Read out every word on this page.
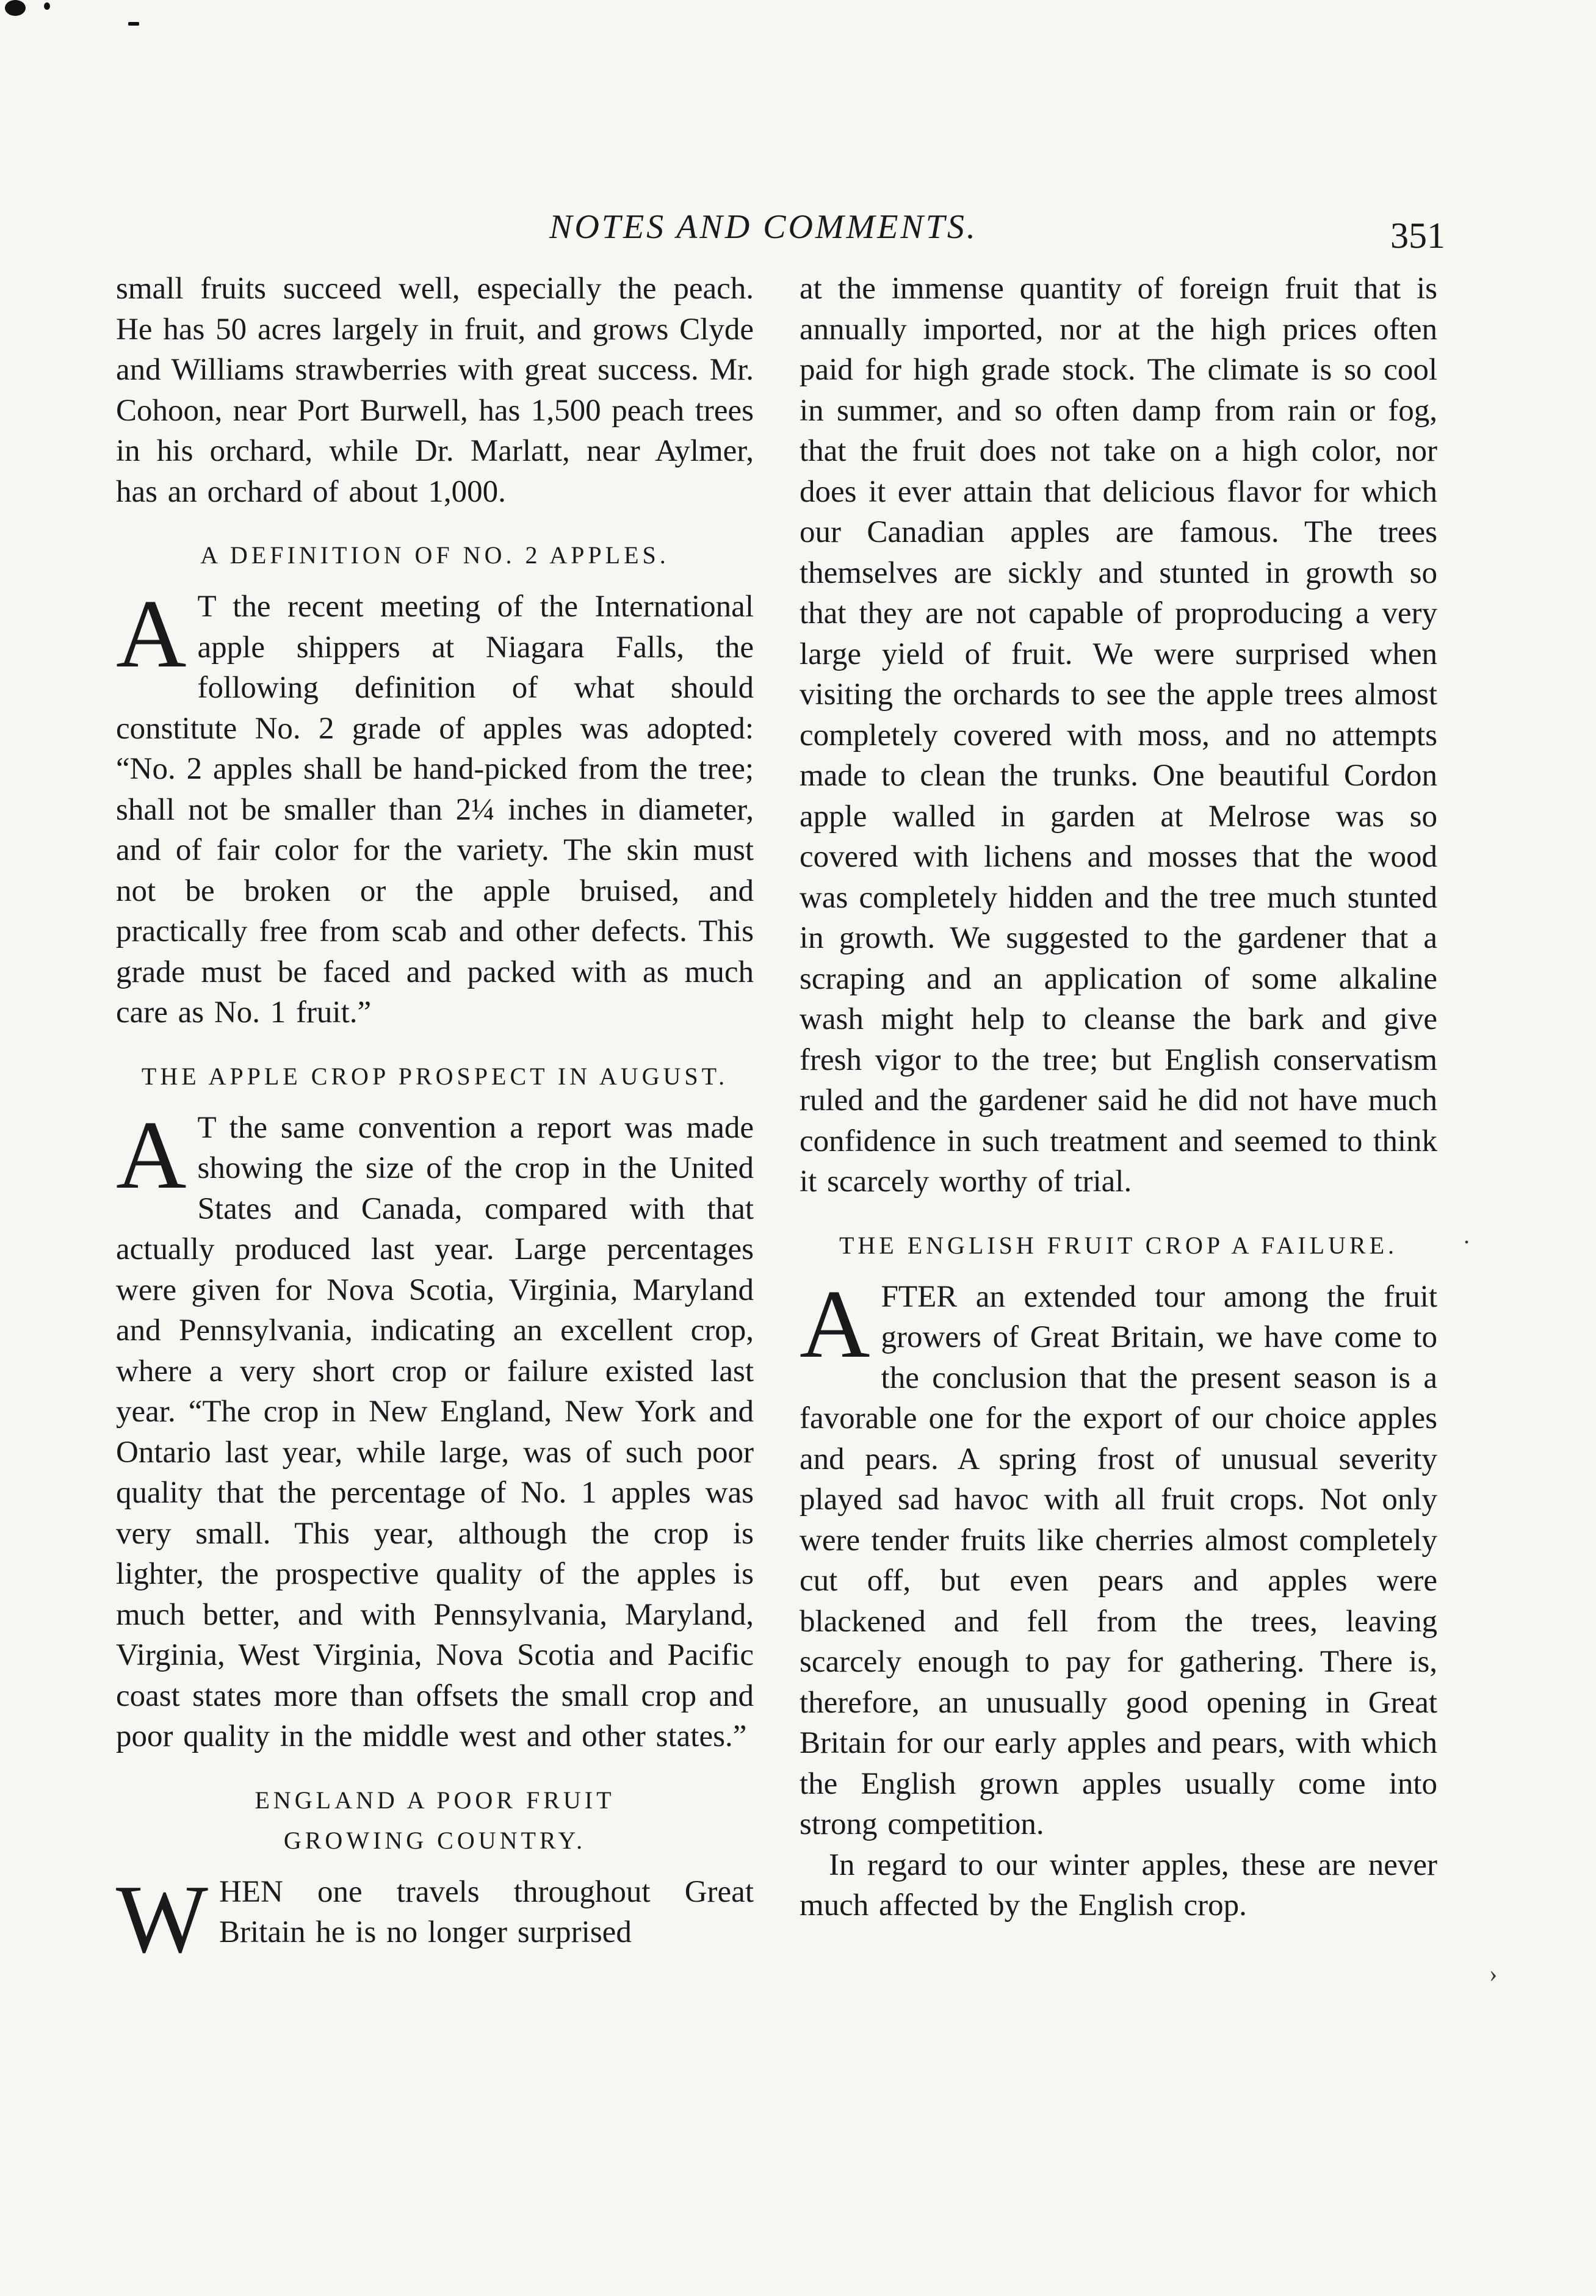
NOTES AND COMMENTS.	351

small fruits succeed well, especially the peach. He has 50 acres largely in fruit, and grows Clyde and Williams strawberries with great success. Mr. Cohoon, near Port Burwell, has 1,500 peach trees in his orchard, while Dr. Marlatt, near Aylmer, has an orchard of about 1,000.

A DEFINITION OF NO. 2 APPLES.

A T the recent meeting of the International apple shippers at Niagara Falls, the following definition of what should constitute No. 2 grade of apples was adopted: “No. 2 apples shall be hand-picked from the tree; shall not be smaller than 2¼ inches in diameter, and of fair color for the variety. The skin must not be broken or the apple bruised, and practically free from scab and other defects. This grade must be faced and packed with as much care as No. 1 fruit.”

THE APPLE CROP PROSPECT IN AUGUST.

A T the same convention a report was made showing the size of the crop in the United States and Canada, compared with that actually produced last year. Large percentages were given for Nova Scotia, Virginia, Maryland and Pennsylvania, indicating an excellent crop, where a very short crop or failure existed last year. “The crop in New England, New York and Ontario last year, while large, was of such poor quality that the percentage of No. 1 apples was very small. This year, although the crop is lighter, the prospective quality of the apples is much better, and with Pennsylvania, Maryland, Virginia, West Virginia, Nova Scotia and Pacific coast states more than offsets the small crop and poor quality in the middle west and other states.”

ENGLAND A POOR FRUIT GROWING COUNTRY.

W HEN one travels throughout Great Britain he is no longer surprised

at the immense quantity of foreign fruit that is annually imported, nor at the high prices often paid for high grade stock. The climate is so cool in summer, and so often damp from rain or fog, that the fruit does not take on a high color, nor does it ever attain that delicious flavor for which our Canadian apples are famous. The trees themselves are sickly and stunted in growth so that they are not capable of proproducing a very large yield of fruit. We were surprised when visiting the orchards to see the apple trees almost completely covered with moss, and no attempts made to clean the trunks. One beautiful Cordon apple walled in garden at Melrose was so covered with lichens and mosses that the wood was completely hidden and the tree much stunted in growth. We suggested to the gardener that a scraping and an application of some alkaline wash might help to cleanse the bark and give fresh vigor to the tree; but English conservatism ruled and the gardener said he did not have much confidence in such treatment and seemed to think it scarcely worthy of trial.

THE ENGLISH FRUIT CROP A FAILURE.

A FTER an extended tour among the fruit growers of Great Britain, we have come to the conclusion that the present season is a favorable one for the export of our choice apples and pears. A spring frost of unusual severity played sad havoc with all fruit crops. Not only were tender fruits like cherries almost completely cut off, but even pears and apples were blackened and fell from the trees, leaving scarcely enough to pay for gathering. There is, therefore, an unusually good opening in Great Britain for our early apples and pears, with which the English grown apples usually come into strong competition.

In regard to our winter apples, these are never much affected by the English crop.

.
›
